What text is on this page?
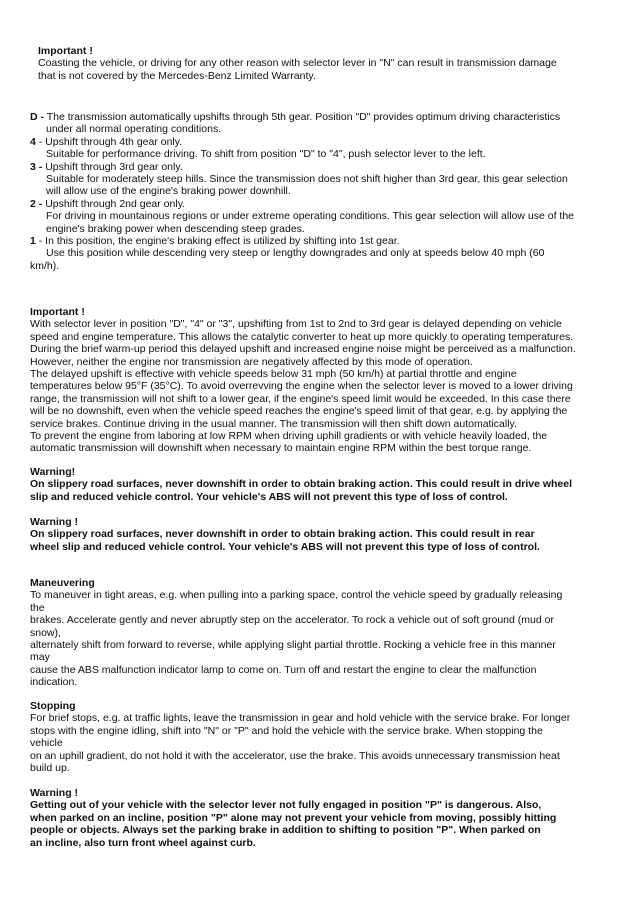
Important !
Coasting the vehicle, or driving for any other reason with selector lever in "N" can result in transmission damage
that is not covered by the Mercedes-Benz Limited Warranty.
D - The transmission automatically upshifts through 5th gear. Position "D" provides optimum driving characteristics
under all normal operating conditions.
4 - Upshift through 4th gear only.
Suitable for performance driving. To shift from position "D" to "4", push selector lever to the left.
3 - Upshift through 3rd gear only.
Suitable for moderately steep hills. Since the transmission does not shift higher than 3rd gear, this gear selection
will allow use of the engine's braking power downhill.
2 - Upshift through 2nd gear only.
For driving in mountainous regions or under extreme operating conditions. This gear selection will allow use of the
engine's braking power when descending steep grades.
1 - In this position, the engine's braking effect is utilized by shifting into 1st gear.
Use this position while descending very steep or lengthy downgrades and only at speeds below 40 mph (60
km/h).
Important !
With selector lever in position "D", "4" or "3", upshifting from 1st to 2nd to 3rd gear is delayed depending on vehicle
speed and engine temperature. This allows the catalytic converter to heat up more quickly to operating temperatures.
During the brief warm-up period this delayed upshift and increased engine noise might be perceived as a malfunction.
However, neither the engine nor transmission are negatively affected by this mode of operation.
The delayed upshift is effective with vehicle speeds below 31 mph (50 km/h) at partial throttle and engine
temperatures below 95°F (35°C). To avoid overrevving the engine when the selector lever is moved to a lower driving
range, the transmission will not shift to a lower gear, if the engine's speed limit would be exceeded. In this case there
will be no downshift, even when the vehicle speed reaches the engine's speed limit of that gear, e.g. by applying the
service brakes. Continue driving in the usual manner. The transmission will then shift down automatically.
To prevent the engine from laboring at low RPM when driving uphill gradients or with vehicle heavily loaded, the
automatic transmission will downshift when necessary to maintain engine RPM within the best torque range.
Warning!
On slippery road surfaces, never downshift in order to obtain braking action. This could result in drive wheel
slip and reduced vehicle control. Your vehicle's ABS will not prevent this type of loss of control.
Warning !
On slippery road surfaces, never downshift in order to obtain braking action. This could result in rear
wheel slip and reduced vehicle control. Your vehicle's ABS will not prevent this type of loss of control.
Maneuvering
To maneuver in tight areas, e.g. when pulling into a parking space, control the vehicle speed by gradually releasing
the
brakes. Accelerate gently and never abruptly step on the accelerator. To rock a vehicle out of soft ground (mud or
snow),
alternately shift from forward to reverse, while applying slight partial throttle. Rocking a vehicle free in this manner
may
cause the ABS malfunction indicator lamp to come on. Turn off and restart the engine to clear the malfunction
indication.
Stopping
For brief stops, e.g. at traffic lights, leave the transmission in gear and hold vehicle with the service brake. For longer
stops with the engine idling, shift into "N" or "P" and hold the vehicle with the service brake. When stopping the
vehicle
on an uphill gradient, do not hold it with the accelerator, use the brake. This avoids unnecessary transmission heat
build up.
Warning !
Getting out of your vehicle with the selector lever not fully engaged in position "P" is dangerous. Also,
when parked on an incline, position "P" alone may not prevent your vehicle from moving, possibly hitting
people or objects. Always set the parking brake in addition to shifting to position "P". When parked on
an incline, also turn front wheel against curb.
